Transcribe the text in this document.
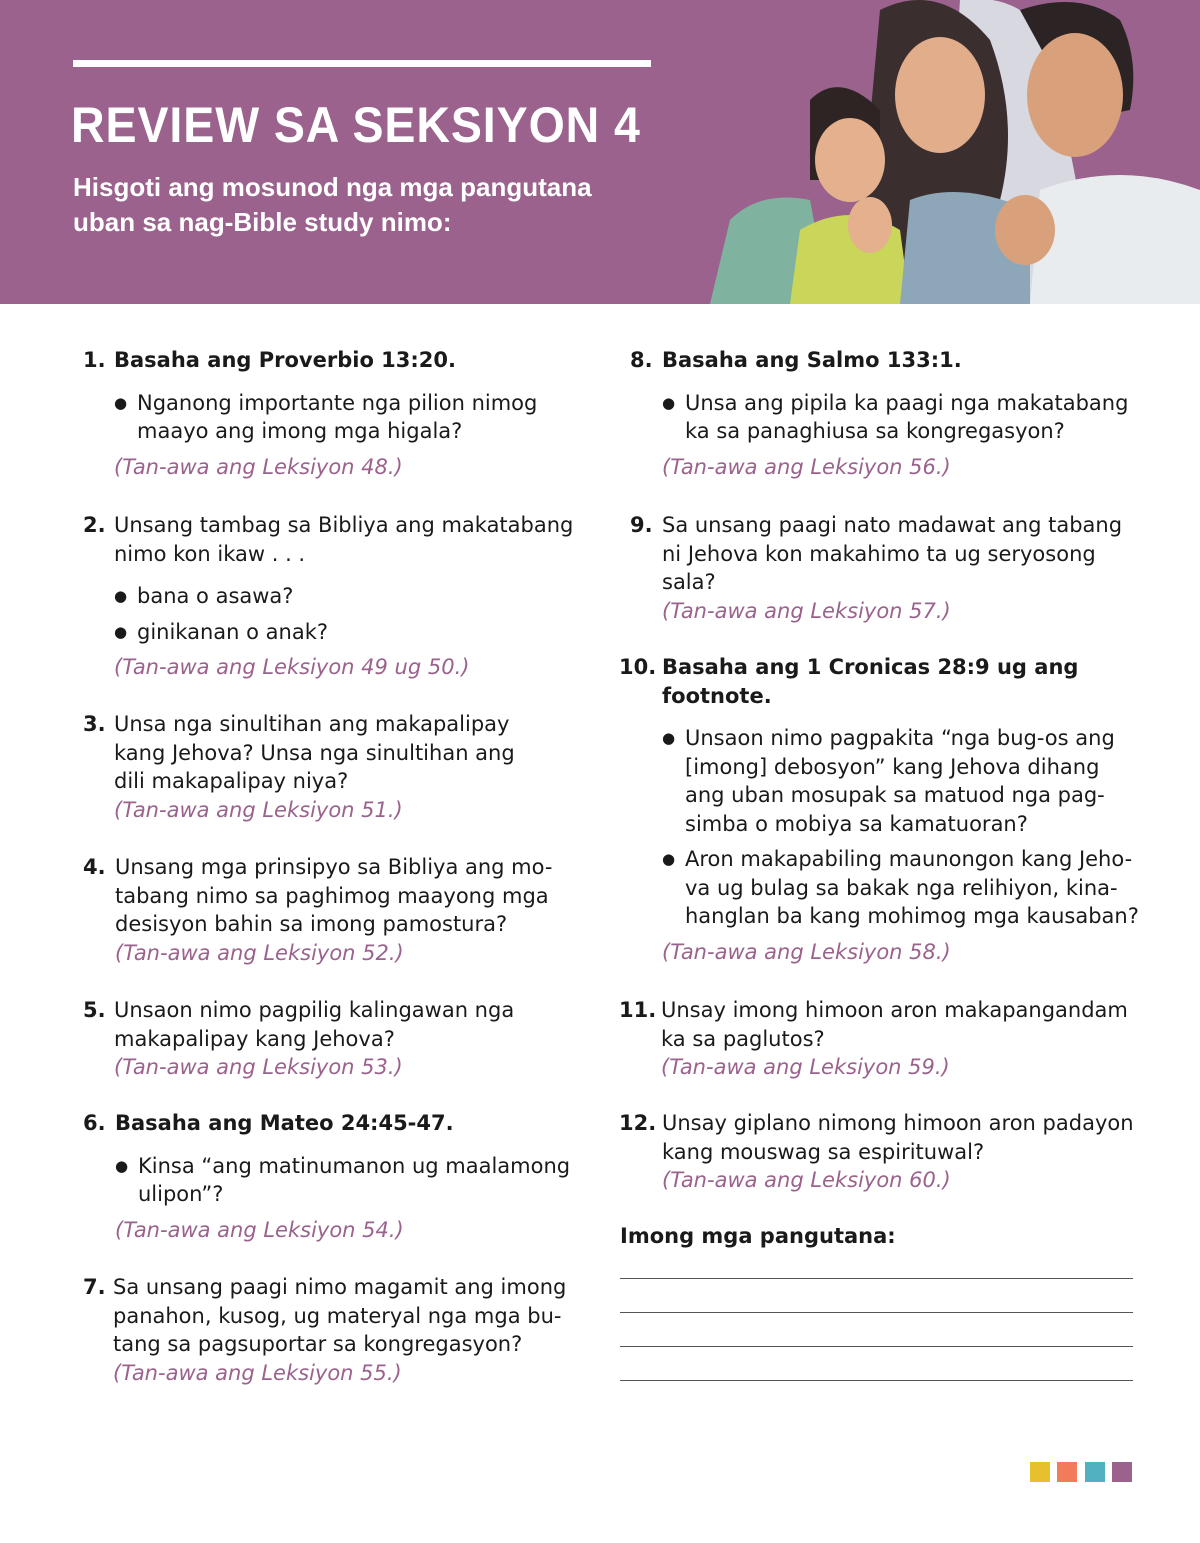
REVIEW SA SEKSIYON 4
Hisgoti ang mosunod nga mga pangutana
uban sa nag-Bible study nimo:
1. Basaha ang Proverbio 13:20.
● Nganong importante nga pilion nimog
maayo ang imong mga higala?
(Tan-awa ang Leksiyon 48.)
2. Unsang tambag sa Bibliya ang makatabang
nimo kon ikaw . . .
● bana o asawa?
● ginikanan o anak?
(Tan-awa ang Leksiyon 49 ug 50.)
3. Unsa nga sinultihan ang makapalipay
kang Jehova? Unsa nga sinultihan ang
dili makapalipay niya?
(Tan-awa ang Leksiyon 51.)
4. Unsang mga prinsipyo sa Bibliya ang mo-
tabang nimo sa paghimog maayong mga
desisyon bahin sa imong pamostura?
(Tan-awa ang Leksiyon 52.)
5. Unsaon nimo pagpilig kalingawan nga
makapalipay kang Jehova?
(Tan-awa ang Leksiyon 53.)
6. Basaha ang Mateo 24:45-47.
● Kinsa “ang matinumanon ug maalamong
ulipon”?
(Tan-awa ang Leksiyon 54.)
7. Sa unsang paagi nimo magamit ang imong
panahon, kusog, ug materyal nga mga bu-
tang sa pagsuportar sa kongregasyon?
(Tan-awa ang Leksiyon 55.)
8. Basaha ang Salmo 133:1.
● Unsa ang pipila ka paagi nga makatabang
ka sa panaghiusa sa kongregasyon?
(Tan-awa ang Leksiyon 56.)
9. Sa unsang paagi nato madawat ang tabang
ni Jehova kon makahimo ta ug seryosong
sala?
(Tan-awa ang Leksiyon 57.)
10. Basaha ang 1 Cronicas 28:9 ug ang
footnote.
● Unsaon nimo pagpakita “nga bug-os ang
[imong] debosyon” kang Jehova dihang
ang uban mosupak sa matuod nga pag-
simba o mobiya sa kamatuoran?
● Aron makapabiling maunongon kang Jeho-
va ug bulag sa bakak nga relihiyon, kina-
hanglan ba kang mohimog mga kausaban?
(Tan-awa ang Leksiyon 58.)
11. Unsay imong himoon aron makapangandam
ka sa paglutos?
(Tan-awa ang Leksiyon 59.)
12. Unsay giplano nimong himoon aron padayon
kang mouswag sa espirituwal?
(Tan-awa ang Leksiyon 60.)
Imong mga pangutana:
